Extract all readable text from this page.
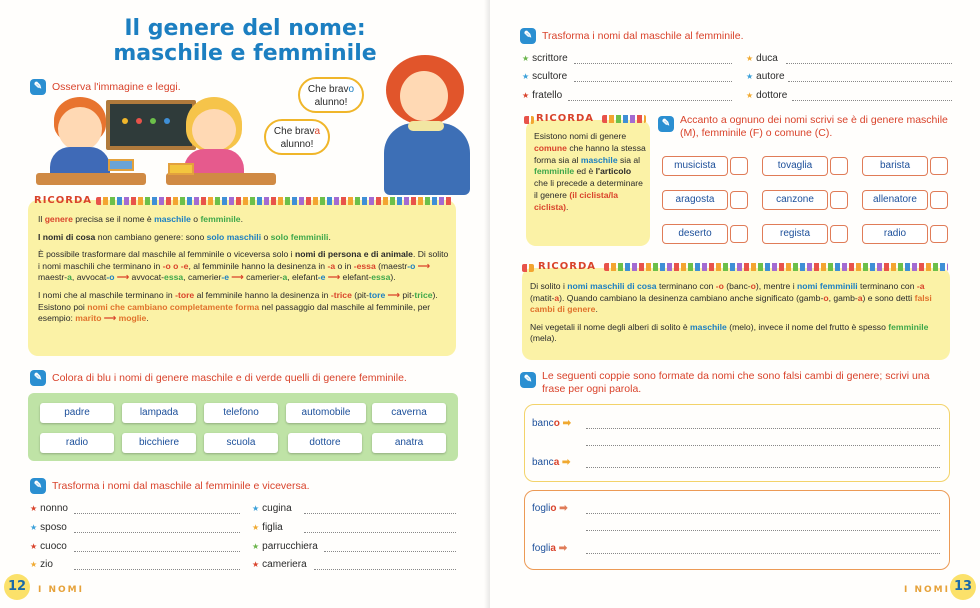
Il genere del nome:
maschile e femminile
✎ Osserva l'immagine e leggi.	Che bravo
alunno!
Che brava
alunno!
RICORDA

Il genere precisa se il nome è maschile o femminile.

I nomi di cosa non cambiano genere: sono solo maschili o solo femminili.

È possibile trasformare dal maschile al femminile o viceversa solo i nomi di persona e di animale. Di solito i nomi maschili che terminano in -o o -e, al femminile hanno la desinenza in -a o in -essa (maestr-o ⟶ maestr-a, avvocat-o ⟶ avvocat-essa, camerier-e ⟶ camerier-a, elefant-e ⟶ elefant-essa).

I nomi che al maschile terminano in -tore al femminile hanno la desinenza in -trice (pit-tore ⟶ pit-trice). Esistono poi nomi che cambiano completamente forma nel passaggio dal maschile al femminile, per esempio: marito ⟶ moglie.

✎ Colora di blu i nomi di genere maschile e di verde quelli di genere femminile.
padre	lampada	telefono	automobile	caverna
radio	bicchiere	scuola	dottore	anatra
✎ Trasforma i nomi dal maschile al femminile e viceversa.
★ nonno
★ sposo
★ cuoco
★ zio
★ cugina
★ figlia
★ parrucchiera
★ cameriera
12	I NOMI
✎ Trasforma i nomi dal maschile al femminile.
★ scrittore
★ scultore
★ fratello
★ duca
★ autore
★ dottore
RICORDA
Esistono nomi di genere comune che hanno la stessa forma sia al maschile sia al femminile ed è l'articolo che li precede a determinare il genere (il ciclista/la ciclista).
✎ Accanto a ognuno dei nomi scrivi se è di genere maschile (M), femminile (F) o comune (C).
musicista	tovaglia	barista
aragosta	canzone	allenatore
deserto	regista	radio
RICORDA

Di solito i nomi maschili di cosa terminano con -o (banc-o), mentre i nomi femminili terminano con -a (matit-a). Quando cambiano la desinenza cambiano anche significato (gamb-o, gamb-a) e sono detti falsi cambi di genere.

Nei vegetali il nome degli alberi di solito è maschile (melo), invece il nome del frutto è spesso femminile (mela).

✎ Le seguenti coppie sono formate da nomi che sono falsi cambi di genere; scrivi una frase per ogni parola.
banco ➡
banca ➡
foglio ➡
foglia ➡
I NOMI 13
